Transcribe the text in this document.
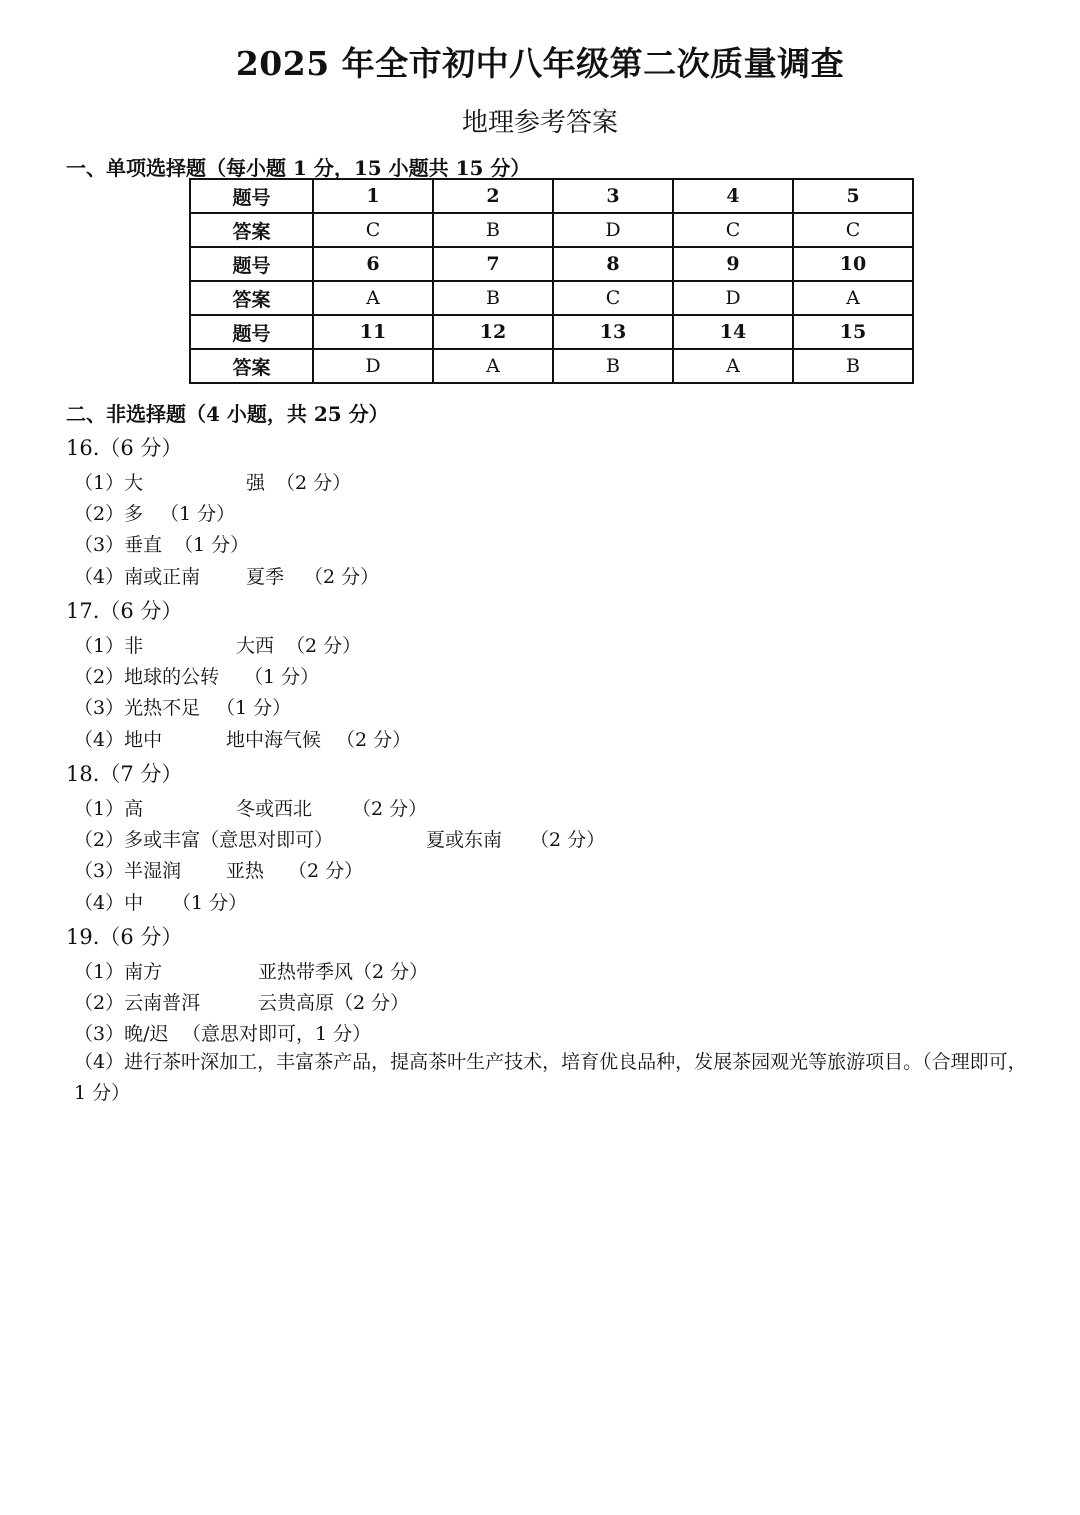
2025 年全市初中八年级第二次质量调查
地理参考答案
一、单项选择题（每小题 1 分，15 小题共 15 分）
题号	1	2	3	4	5
答案	C	B	D	C	C
题号	6	7	8	9	10
答案	A	B	C	D	A
题号	11	12	13	14	15
答案	D	A	B	A	B
二、非选择题（4 小题，共 25 分）
16.（6 分）
（1）大	强 （2 分）
（2）多 （1 分）
（3）垂直 （1 分）
（4）南或正南 夏季 （2 分）
17.（6 分）
（1）非	大西 （2 分）
（2）地球的公转 （1 分）
（3）光热不足 （1 分）
（4）地中	地中海气候 （2 分）
18.（7 分）
（1）高	冬或西北 （2 分）
（2）多或丰富（意思对即可）	夏或东南 （2 分）
（3）半湿润 亚热 （2 分）
（4）中 （1 分）
19.（6 分）
（1）南方	亚热带季风（2 分）
（2）云南普洱	云贵高原（2 分）
（3）晚/迟 （意思对即可，1 分）
（4）进行茶叶深加工，丰富茶产品，提高茶叶生产技术，培育优良品种，发展茶园观光等旅游项目。（合理即可，1 分）
